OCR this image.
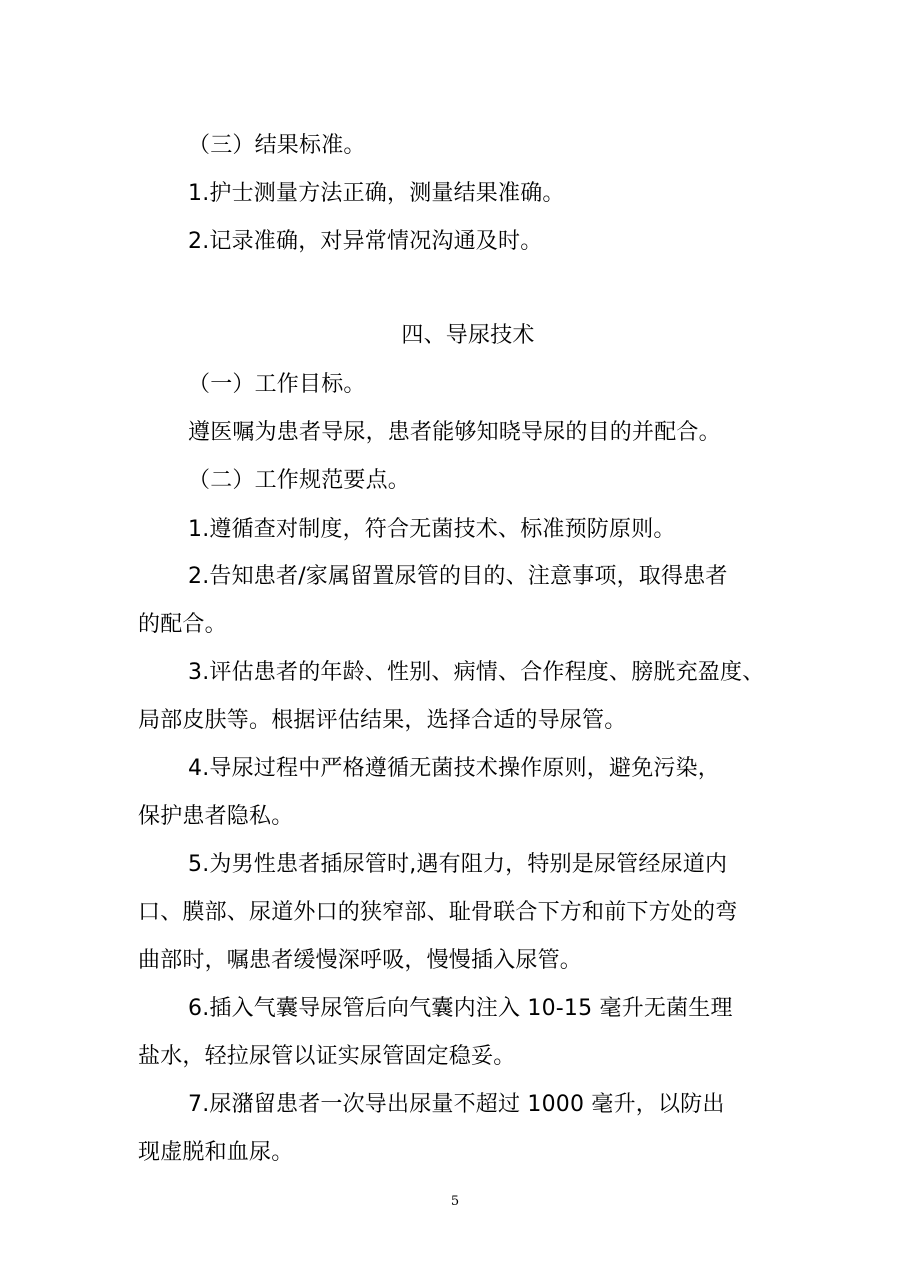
（三）结果标准。
1.护士测量方法正确，测量结果准确。
2.记录准确，对异常情况沟通及时。
四、导尿技术
（一）工作目标。
遵医嘱为患者导尿，患者能够知晓导尿的目的并配合。
（二）工作规范要点。
1.遵循查对制度，符合无菌技术、标准预防原则。
2.告知患者/家属留置尿管的目的、注意事项，取得患者
的配合。
3.评估患者的年龄、性别、病情、合作程度、膀胱充盈度、
局部皮肤等。根据评估结果，选择合适的导尿管。
4.导尿过程中严格遵循无菌技术操作原则，避免污染，
保护患者隐私。
5.为男性患者插尿管时,遇有阻力，特别是尿管经尿道内
口、膜部、尿道外口的狭窄部、耻骨联合下方和前下方处的弯
曲部时，嘱患者缓慢深呼吸，慢慢插入尿管。
6.插入气囊导尿管后向气囊内注入 10-15 毫升无菌生理
盐水，轻拉尿管以证实尿管固定稳妥。
7.尿潴留患者一次导出尿量不超过 1000 毫升，以防出
现虚脱和血尿。
5
